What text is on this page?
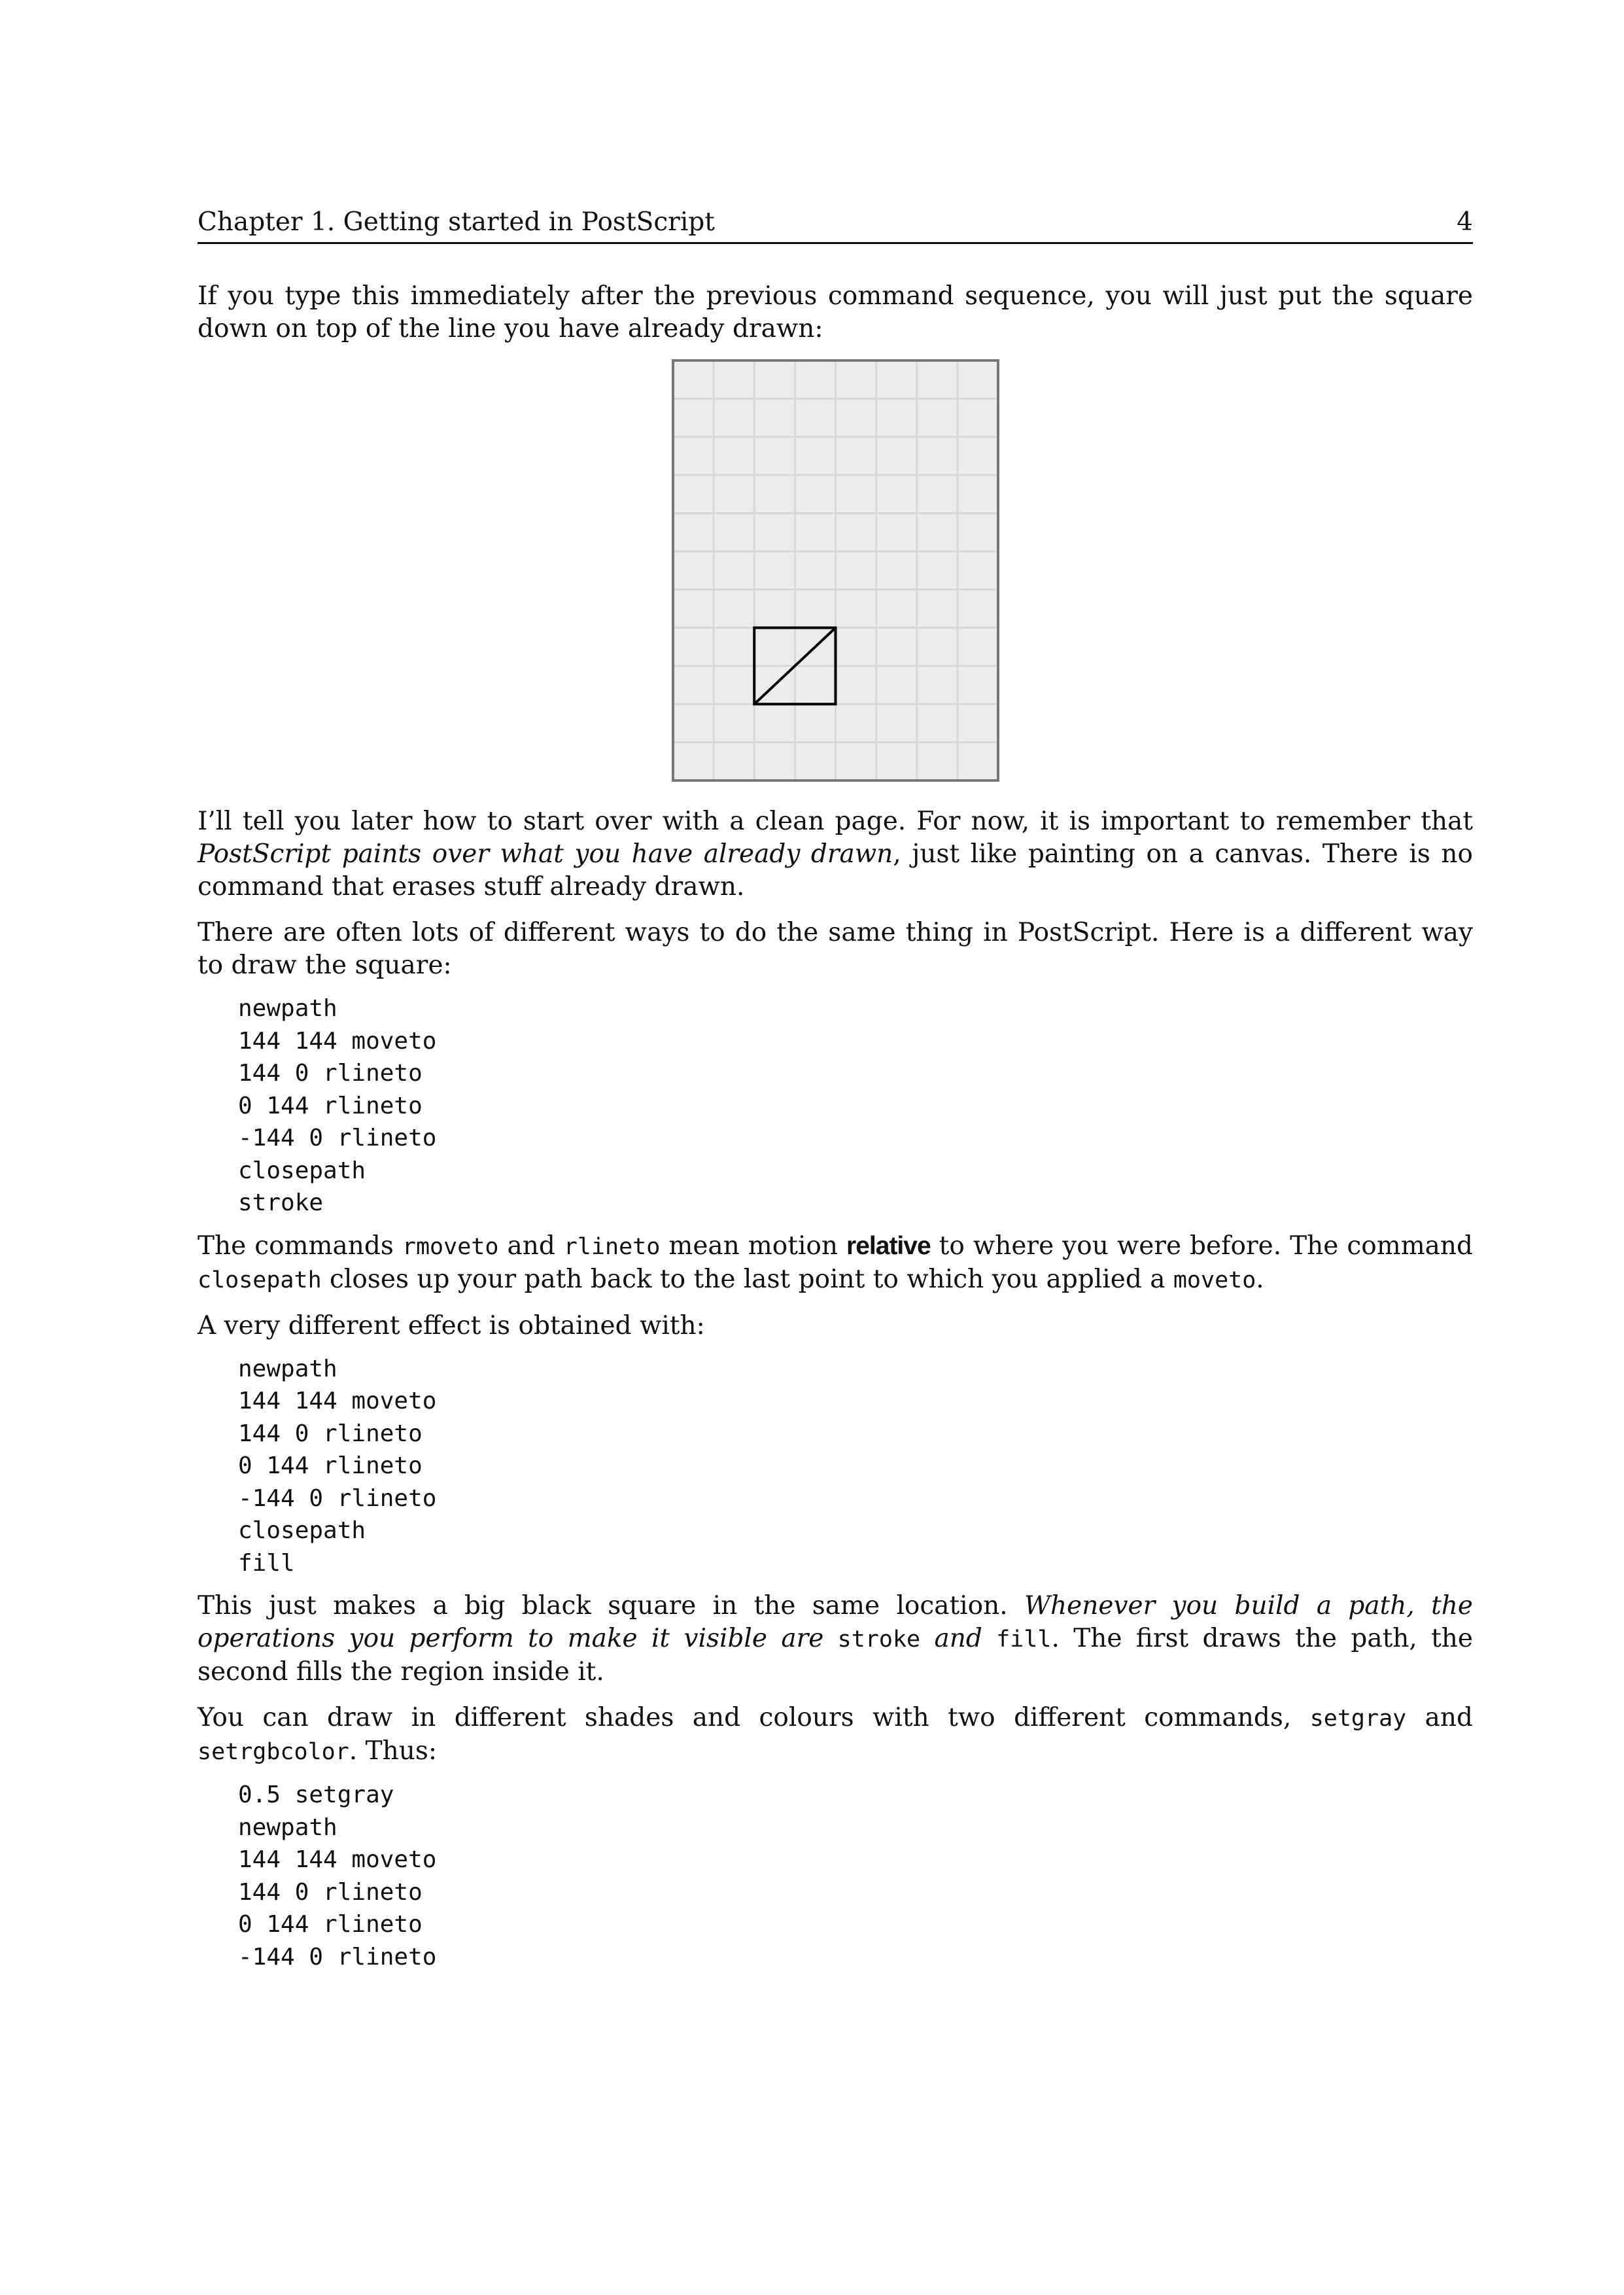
Chapter 1. Getting started in PostScript	4

If you type this immediately after the previous command sequence, you will just put the square down on top of the line you have already drawn:

I’ll tell you later how to start over with a clean page. For now, it is important to remember that PostScript paints over what you have already drawn, just like painting on a canvas. There is no command that erases stuff already drawn.

There are often lots of different ways to do the same thing in PostScript. Here is a different way to draw the square:

newpath
144 144 moveto
144 0 rlineto
0 144 rlineto
-144 0 rlineto
closepath
stroke

The commands rmoveto and rlineto mean motion relative to where you were before. The command closepath closes up your path back to the last point to which you applied a moveto.

A very different effect is obtained with:

newpath
144 144 moveto
144 0 rlineto
0 144 rlineto
-144 0 rlineto
closepath
fill

This just makes a big black square in the same location. Whenever you build a path, the operations you perform to make it visible are stroke and fill. The first draws the path, the second fills the region inside it.

You can draw in different shades and colours with two different commands, setgray and setrgbcolor. Thus:

0.5 setgray
newpath
144 144 moveto
144 0 rlineto
0 144 rlineto
-144 0 rlineto
